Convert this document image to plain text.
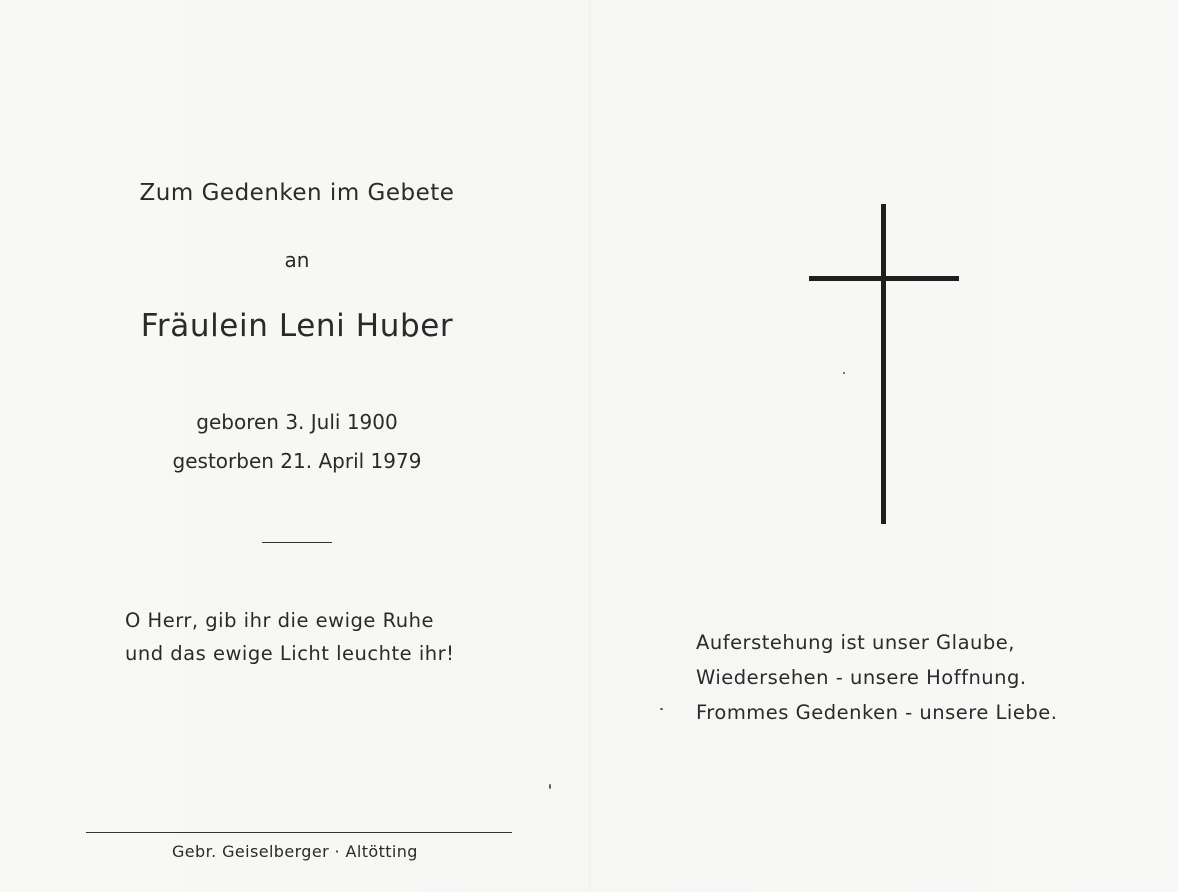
Zum Gedenken im Gebete
an
Fräulein Leni Huber
geboren 3. Juli 1900
gestorben 21. April 1979
O Herr, gib ihr die ewige Ruhe
und das ewige Licht leuchte ihr!
Gebr. Geiselberger · Altötting
Auferstehung ist unser Glaube,
Wiedersehen - unsere Hoffnung.
Frommes Gedenken - unsere Liebe.
